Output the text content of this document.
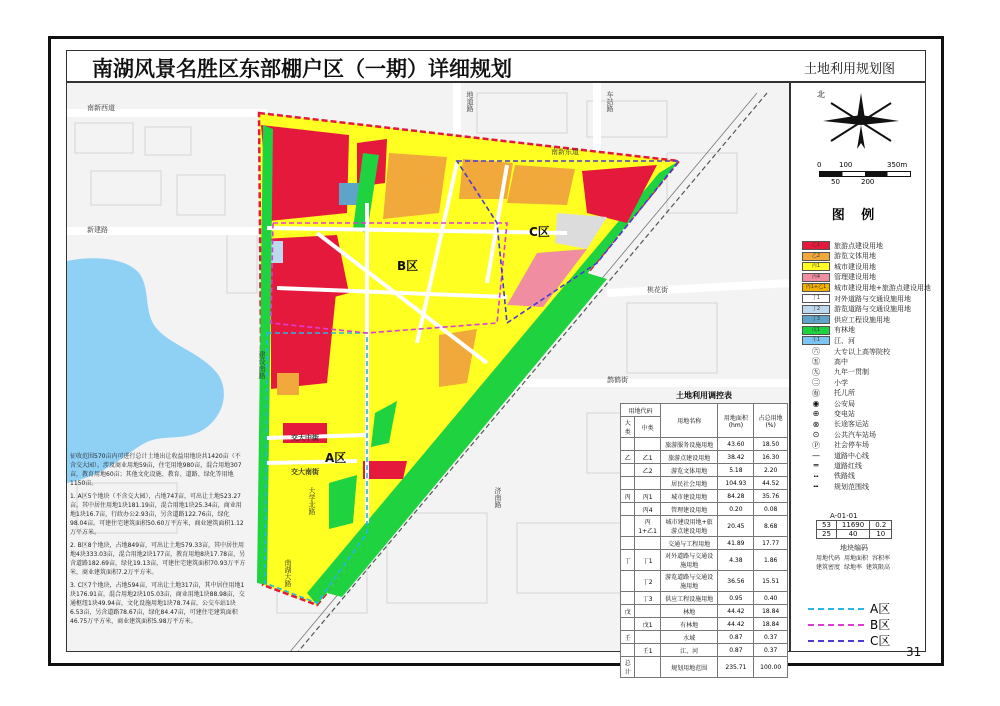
南湖风景名胜区东部棚户区（一期）详细规划	土地利用规划图
南新西道
南新东道
新建路
地道路	车站路
桃花街
鹊鹤街
济南路
交大中街
交大南街
大学北路
建设南路
南湖大路
A区
B区
C区

征收范围570亩内可进行总计土地出让收益用地块共1420亩（不含交大园）。涉及商业用地59亩，住宅用地980亩，混合用地307亩，教育用地60亩；其他文化设施、教育、道路、绿化等用地1150亩。

1. A区5个地块（不含交大园），占地747亩，可出让土地523.27亩。其中居住用地1块181.19亩，混合用地1块25.34亩，商业用地1块16.7亩，行政办公2.93亩，另含道路122.76亩，绿化98.04亩。可建住宅建筑面积50.60万平方米，商业建筑面积1.12万平方米。

2. B区8个地块，占地849亩，可出让土地579.33亩，其中居住用地4块333.03亩，混合用地2块177亩，教育用地8块17.78亩，另含道路182.69亩，绿化19.13亩，可建住宅建筑面积70.93万平方米，商业建筑面积7.2万平方米。

3. C区7个地块，占地594亩，可出让土地317亩，其中居住用地1块176.91亩，混合用地2块105.03亩，商业用地1块88.98亩，交通枢纽1块49.94亩，文化设施用地1块78.74亩，公交车站1块6.53亩，另含道路78.67亩，绿化84.47亩，可建住宅建筑面积46.75万平方米，商业建筑面积5.98万平方米。

土地利用调控表
用地代码		用地名称	用地面积(hm)	占总用地(%)
大类	中类			
		旅游服务设施用地	43.60	18.50
乙	乙1	旅游点建设用地	38.42	16.30
	乙2	游览文体用地	5.18	2.20
		居民社会用地	104.93	44.52
丙	丙1	城市建设用地	84.28	35.76
	丙4	管理建设用地	0.20	0.08
	丙1+乙1	城市建设用地+旅游点建设用地	20.45	8.68
		交通与工程用地	41.89	17.77
丁	丁1	对外道路与交通设施用地	4.38	1.86
	丁2	游览道路与交通设施用地	36.56	15.51
	丁3	供应工程设施用地	0.95	0.40
戊		林地	44.42	18.84
	戊1	有林地	44.42	18.84
壬		水域	0.87	0.37
	壬1	江、河	0.87	0.37
总计		规划用地范围	235.71	100.00
北
0	100	350m
50	200
图 例
乙1	旅游点建设用地
乙2	游览文体用地
丙1	城市建设用地
丙4	管理建设用地
丙1+乙1	城市建设用地+旅游点建设用地
丁1	对外道路与交通设施用地
丁2	游览道路与交通设施用地
丁3	供应工程设施用地
戊1	有林地
壬1	江、河
㊅	大专以上高等院校
㊄	高中
㊈	九年一贯制
㊁	小学
㊒	托儿所
◉	公安局
⊕	变电站
⊗	长途客运站
⊙	公共汽车站场
Ⓟ	社会停车场
—	道路中心线
═	道路红线
┅	铁路线
╍	规划范围线
A-01-01
53	11690	0.2
25	40	10
地块编码
用地代码 用地面积 容积率
建筑密度 绿地率 建筑限高
A区
B区
C区
31
